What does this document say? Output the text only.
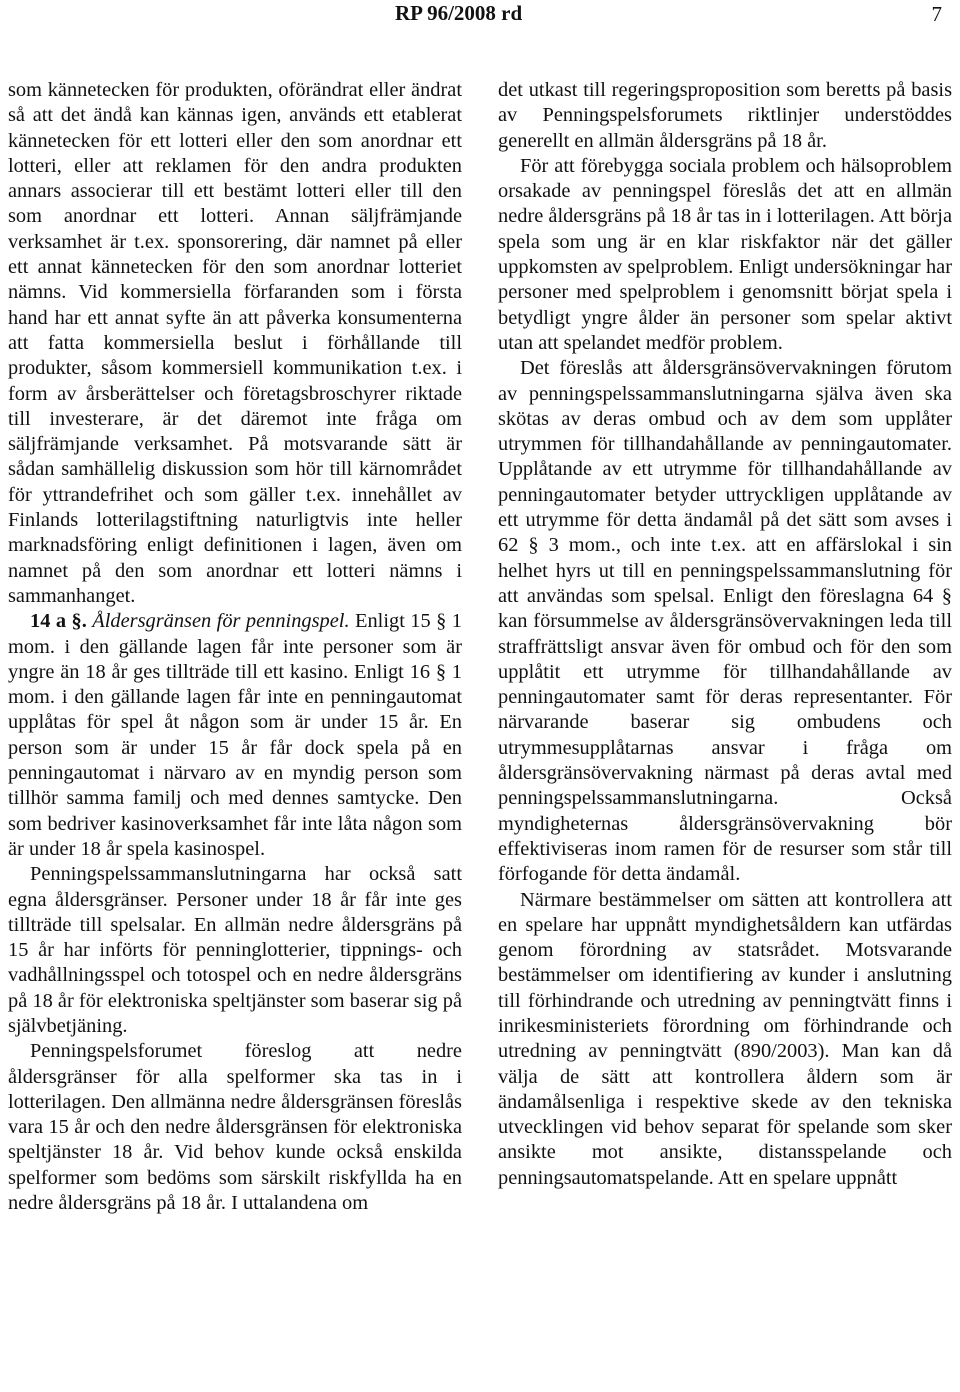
RP 96/2008 rd	7

som kännetecken för produkten, oförändrat eller ändrat så att det ändå kan kännas igen, används ett etablerat kännetecken för ett lotteri eller den som anordnar ett lotteri, eller att reklamen för den andra produkten annars associerar till ett bestämt lotteri eller till den som anordnar ett lotteri. Annan säljfrämjande verksamhet är t.ex. sponsorering, där namnet på eller ett annat kännetecken för den som anordnar lotteriet nämns. Vid kommersiella förfaranden som i första hand har ett annat syfte än att påverka konsumenterna att fatta kommersiella beslut i förhållande till produkter, såsom kommersiell kommunikation t.ex. i form av årsberättelser och företagsbroschyrer riktade till investerare, är det däremot inte fråga om säljfrämjande verksamhet. På motsvarande sätt är sådan samhällelig diskussion som hör till kärnområdet för yttrandefrihet och som gäller t.ex. innehållet av Finlands lotterilagstiftning naturligtvis inte heller marknadsföring enligt definitionen i lagen, även om namnet på den som anordnar ett lotteri nämns i sammanhanget.

14 a §. Åldersgränsen för penningspel. Enligt 15 § 1 mom. i den gällande lagen får inte personer som är yngre än 18 år ges tillträde till ett kasino. Enligt 16 § 1 mom. i den gällande lagen får inte en penningautomat upplåtas för spel åt någon som är under 15 år. En person som är under 15 år får dock spela på en penningautomat i närvaro av en myndig person som tillhör samma familj och med dennes samtycke. Den som bedriver kasinoverksamhet får inte låta någon som är under 18 år spela kasinospel.

Penningspelssammanslutningarna har också satt egna åldersgränser. Personer under 18 år får inte ges tillträde till spelsalar. En allmän nedre åldersgräns på 15 år har införts för penninglotterier, tippnings- och vadhållningsspel och totospel och en nedre åldersgräns på 18 år för elektroniska speltjänster som baserar sig på självbetjäning.

Penningspelsforumet föreslog att nedre åldersgränser för alla spelformer ska tas in i lotterilagen. Den allmänna nedre åldersgränsen föreslås vara 15 år och den nedre åldersgränsen för elektroniska speltjänster 18 år. Vid behov kunde också enskilda spelformer som bedöms som särskilt riskfyllda ha en nedre åldersgräns på 18 år. I uttalandena om

det utkast till regeringsproposition som beretts på basis av Penningspelsforumets riktlinjer understöddes generellt en allmän åldersgräns på 18 år.

För att förebygga sociala problem och hälsoproblem orsakade av penningspel föreslås det att en allmän nedre åldersgräns på 18 år tas in i lotterilagen. Att börja spela som ung är en klar riskfaktor när det gäller uppkomsten av spelproblem. Enligt undersökningar har personer med spelproblem i genomsnitt börjat spela i betydligt yngre ålder än personer som spelar aktivt utan att spelandet medför problem.

Det föreslås att åldersgränsövervakningen förutom av penningspelssammanslutningarna själva även ska skötas av deras ombud och av dem som upplåter utrymmen för tillhandahållande av penningautomater. Upplåtande av ett utrymme för tillhandahållande av penningautomater betyder uttryckligen upplåtande av ett utrymme för detta ändamål på det sätt som avses i 62 § 3 mom., och inte t.ex. att en affärslokal i sin helhet hyrs ut till en penningspelssammanslutning för att användas som spelsal. Enligt den föreslagna 64 § kan försummelse av åldersgränsövervakningen leda till straffrättsligt ansvar även för ombud och för den som upplåtit ett utrymme för tillhandahållande av penningautomater samt för deras representanter. För närvarande baserar sig ombudens och utrymmesupplåtarnas ansvar i fråga om åldersgränsövervakning närmast på deras avtal med penningspelssammanslutningarna. Också myndigheternas åldersgränsövervakning bör effektiviseras inom ramen för de resurser som står till förfogande för detta ändamål.

Närmare bestämmelser om sätten att kontrollera att en spelare har uppnått myndighetsåldern kan utfärdas genom förordning av statsrådet. Motsvarande bestämmelser om identifiering av kunder i anslutning till förhindrande och utredning av penningtvätt finns i inrikesministeriets förordning om förhindrande och utredning av penningtvätt (890/2003). Man kan då välja de sätt att kontrollera åldern som är ändamålsenliga i respektive skede av den tekniska utvecklingen vid behov separat för spelande som sker ansikte mot ansikte, distansspelande och penningsautomatspelande. Att en spelare uppnått
